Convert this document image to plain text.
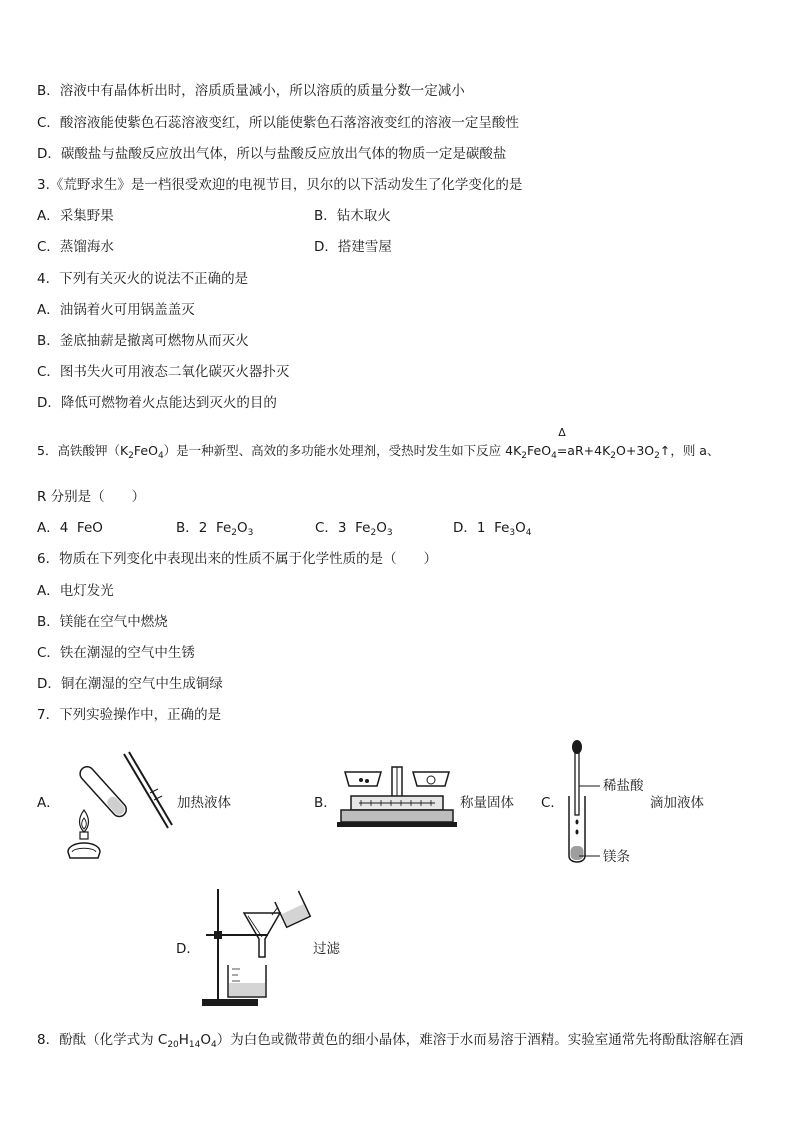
B．溶液中有晶体析出时，溶质质量减小，所以溶质的质量分数一定减小
C．酸溶液能使紫色石蕊溶液变红，所以能使紫色石落溶液变红的溶液一定呈酸性
D．碳酸盐与盐酸反应放出气体，所以与盐酸反应放出气体的物质一定是碳酸盐
3.《荒野求生》是一档很受欢迎的电视节目，贝尔的以下活动发生了化学变化的是
A．采集野果	B．钻木取火
C．蒸馏海水	D．搭建雪屋
4．下列有关灭火的说法不正确的是
A．油锅着火可用锅盖盖灭
B．釜底抽薪是撤离可燃物从而灭火
C．图书失火可用液态二氧化碳灭火器扑灭
D．降低可燃物着火点能达到灭火的目的
5．高铁酸钾$(K_2FeO_4)$是一种新型、高效的多功能水处理剂，受热时发生如下反应 $4K_2FeO_4$
Δ
$=aR+4K_2O+3O_2↑$，则 a、
R 分别是（　　）
A．4 FeO	B．2 $Fe_2O_3$	C．3 $Fe_2O_3$	D．1 $Fe_3O_4$
6．物质在下列变化中表现出来的性质不属于化学性质的是（　　）
A．电灯发光
B．镁能在空气中燃烧
C．铁在潮湿的空气中生锈
D．铜在潮湿的空气中生成铜绿
7．下列实验操作中，正确的是
A．	加热液体	B．	称量固体 C．
稀盐酸
镁条
滴加液体
D．	过滤
8．酚酞（化学式为 $C_{20}H_{14}O_4$）为白色或微带黄色的细小晶体，难溶于水而易溶于酒精。实验室通常先将酚酞溶解在酒
